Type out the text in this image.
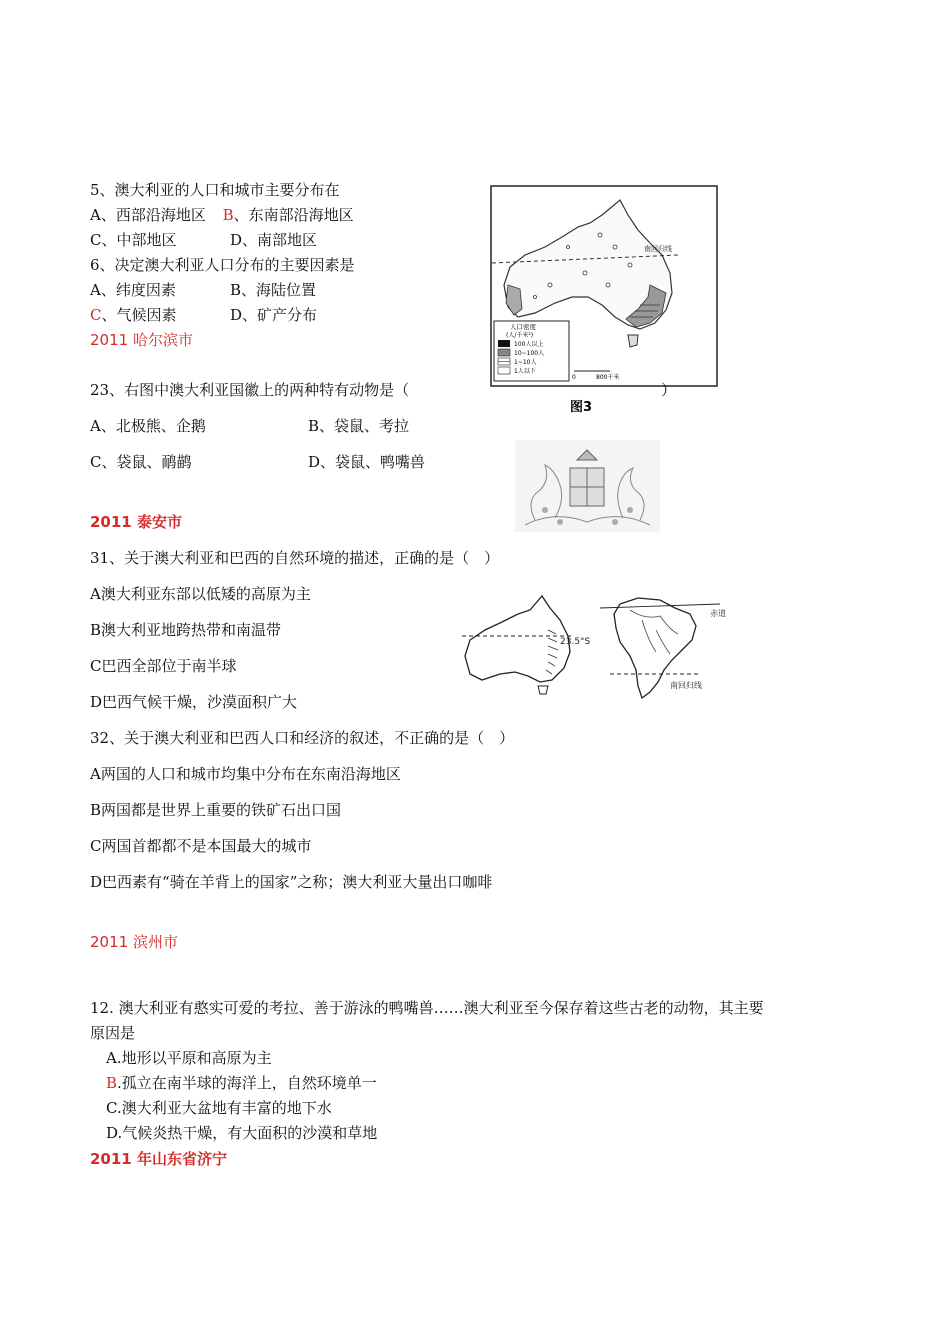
5、澳大利亚的人口和城市主要分布在
A、西部沿海地区 B、东南部沿海地区
C、中部地区	D、南部地区
6、决定澳大利亚人口分布的主要因素是
A、纬度因素	B、海陆位置
C、气候因素	D、矿产分布
2011 哈尔滨市
南回归线
人口密度
(人/千米²)
100人以上
10~100人
1~10人
1人以下
0	800千米
图3
23、右图中澳大利亚国徽上的两种特有动物是（	）
A、北极熊、企鹅	B、袋鼠、考拉
C、袋鼠、鸸鹋	D、袋鼠、鸭嘴兽
2011 泰安市
31、关于澳大利亚和巴西的自然环境的描述，正确的是（　）
A澳大利亚东部以低矮的高原为主
B澳大利亚地跨热带和南温带
C巴西全部位于南半球
D巴西气候干燥，沙漠面积广大
23.5°S
赤道
南回归线
32、关于澳大利亚和巴西人口和经济的叙述，不正确的是（　）
A两国的人口和城市均集中分布在东南沿海地区
B两国都是世界上重要的铁矿石出口国
C两国首都都不是本国最大的城市
D巴西素有“骑在羊背上的国家”之称；澳大利亚大量出口咖啡
2011 滨州市
12. 澳大利亚有憨实可爱的考拉、善于游泳的鸭嘴兽……澳大利亚至今保存着这些古老的动物，其主要
原因是
A.地形以平原和高原为主
B.孤立在南半球的海洋上，自然环境单一
C.澳大利亚大盆地有丰富的地下水
D.气候炎热干燥，有大面积的沙漠和草地
2011 年山东省济宁
